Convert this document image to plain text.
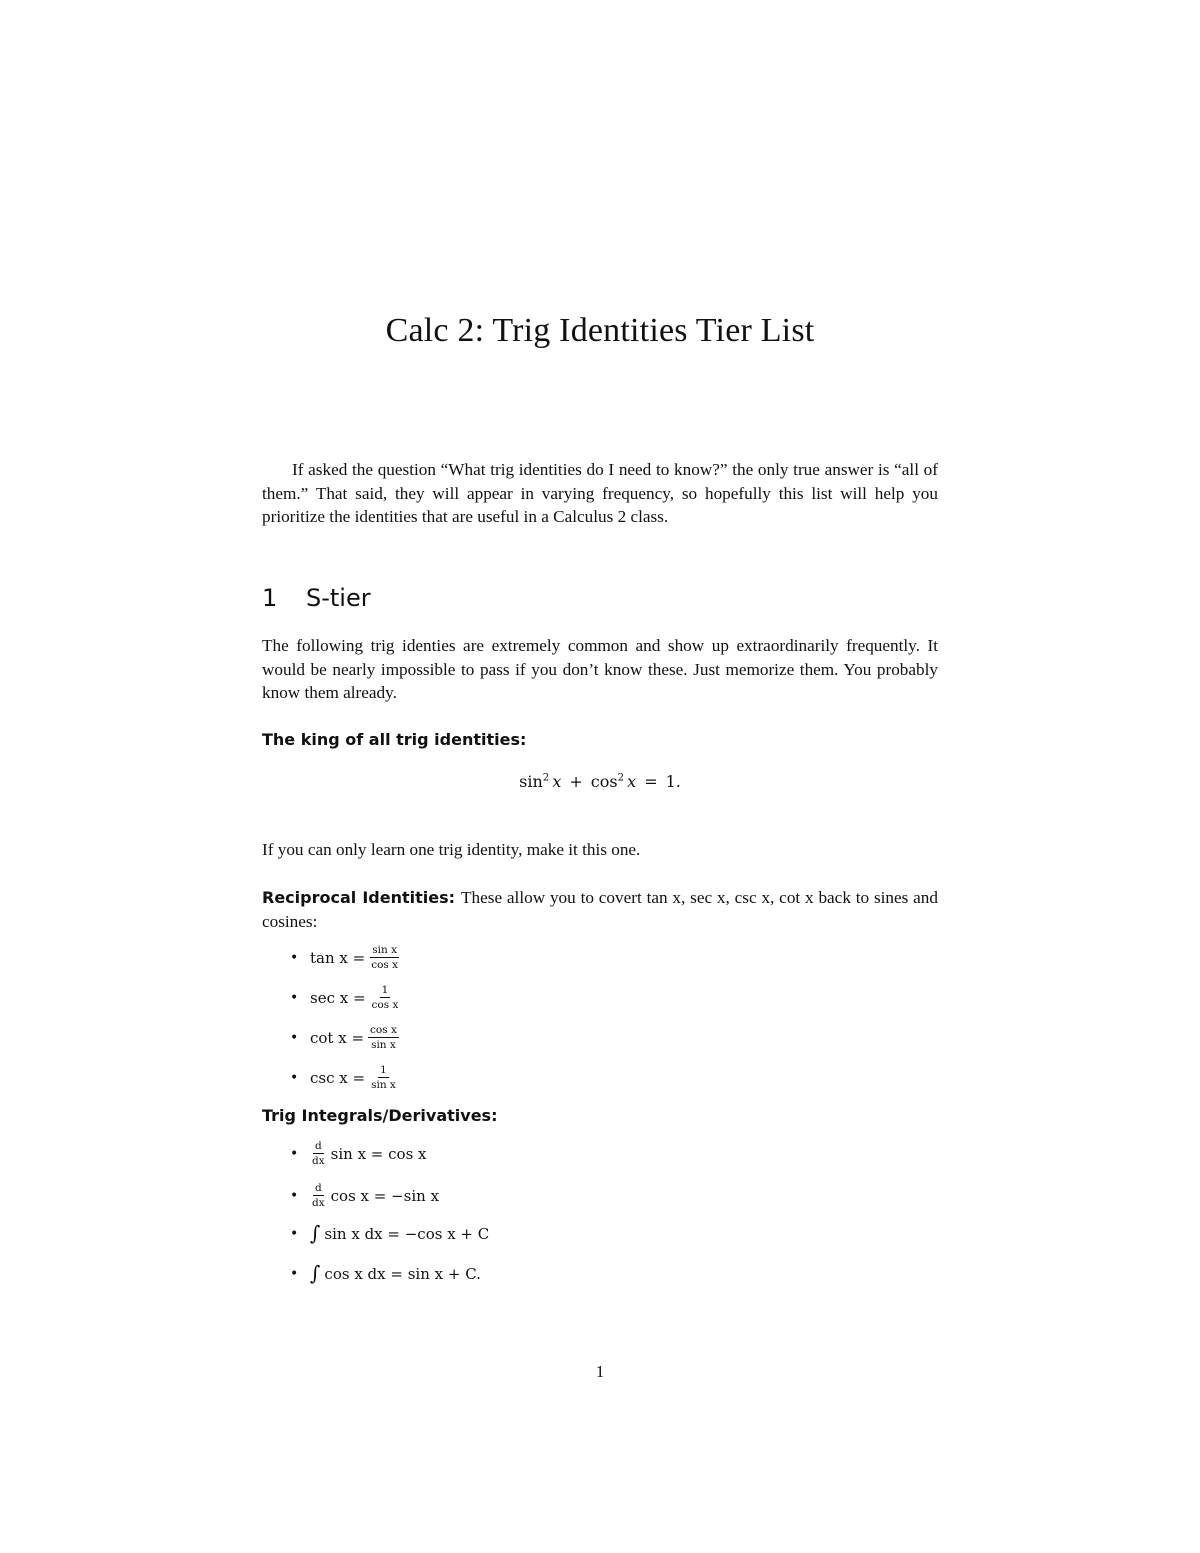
Calc 2: Trig Identities Tier List

If asked the question “What trig identities do I need to know?” the only true answer is “all of them.” That said, they will appear in varying frequency, so hopefully this list will help you prioritize the identities that are useful in a Calculus 2 class.

1 S-tier

The following trig identies are extremely common and show up extraordinarily frequently. It would be nearly impossible to pass if you don’t know these. Just memorize them. You probably know them already.

The king of all trig identities:
$\sin^2 x$  +  $\cos^2 x$  =  1.

If you can only learn one trig identity, make it this one.

Reciprocal Identities: These allow you to covert tan x, sec x, csc x, cot x back to sines and cosines:

• $\tan x = \frac{\text{sin x}}{\text{cos x}}$
• $\sec x = \frac{1}{\text{cos x}}$
• $\cot x = \frac{\text{cos x}}{\text{sin x}}$
• $\csc x = \frac{1}{\text{sin x}}$
Trig Integrals/Derivatives:
•	$\frac{d}{dx}$ sin x = cos x
•	$\frac{d}{dx}$ cos x = −sin x
• ∫ sin x dx = −cos x + C
• ∫ cos x dx = sin x + C.
1
